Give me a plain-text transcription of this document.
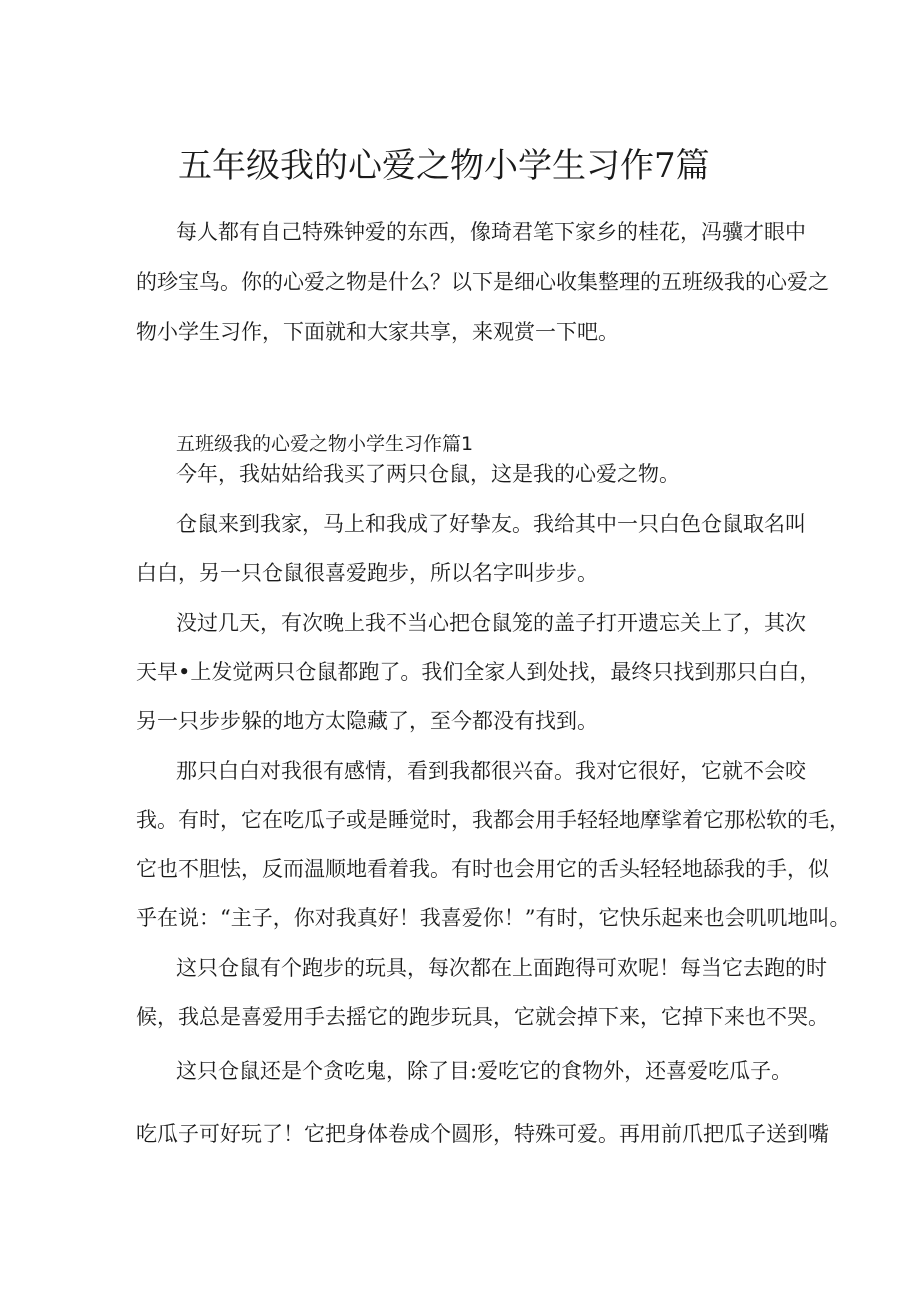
五年级我的心爱之物小学生习作7篇

每人都有自己特殊钟爱的东西，像琦君笔下家乡的桂花，冯骥才眼中

的珍宝鸟。你的心爱之物是什么？以下是细心收集整理的五班级我的心爱之

物小学生习作，下面就和大家共享，来观赏一下吧。

五班级我的心爱之物小学生习作篇1

今年，我姑姑给我买了两只仓鼠，这是我的心爱之物。

仓鼠来到我家，马上和我成了好挚友。我给其中一只白色仓鼠取名叫

白白，另一只仓鼠很喜爱跑步，所以名字叫步步。

没过几天，有次晚上我不当心把仓鼠笼的盖子打开遗忘关上了，其次

天早•上发觉两只仓鼠都跑了。我们全家人到处找，最终只找到那只白白，

另一只步步躲的地方太隐藏了，至今都没有找到。

那只白白对我很有感情，看到我都很兴奋。我对它很好，它就不会咬

我。有时，它在吃瓜子或是睡觉时，我都会用手轻轻地摩挲着它那松软的毛，

它也不胆怯，反而温顺地看着我。有时也会用它的舌头轻轻地舔我的手，似

乎在说：“主子，你对我真好！我喜爱你！”有时，它快乐起来也会叽叽地叫。

这只仓鼠有个跑步的玩具，每次都在上面跑得可欢呢！每当它去跑的时

候，我总是喜爱用手去摇它的跑步玩具，它就会掉下来，它掉下来也不哭。

这只仓鼠还是个贪吃鬼，除了目:爱吃它的食物外，还喜爱吃瓜子。

吃瓜子可好玩了！它把身体卷成个圆形，特殊可爱。再用前爪把瓜子送到嘴
